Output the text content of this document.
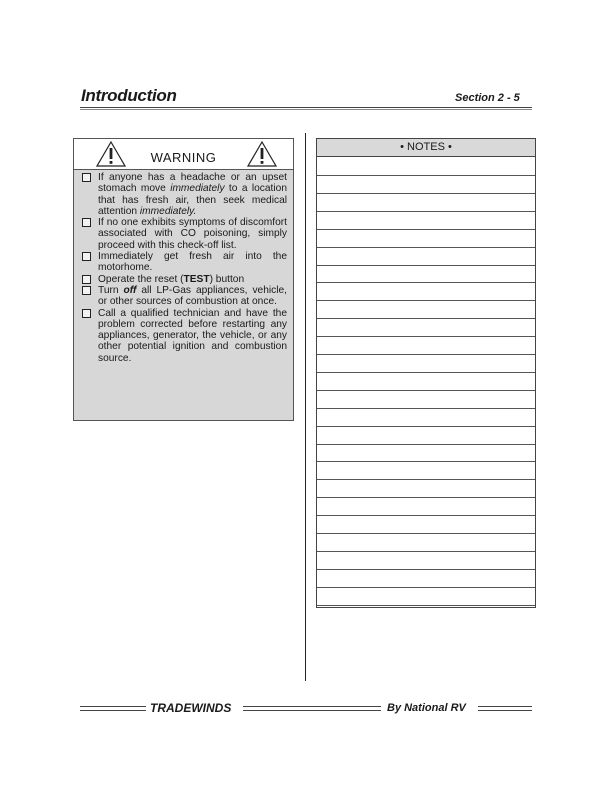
Introduction	Section 2 - 5
WARNING
If anyone has a headache or an upset stomach move immediately to a location that has fresh air, then seek medical attention immediately.
If no one exhibits symptoms of discomfort associated with CO poisoning, simply proceed with this check-off list.
Immediately get fresh air into the motorhome.
Operate the reset (TEST) button
Turn off all LP-Gas appliances, vehicle, or other sources of combustion at once.
Call a qualified technician and have the problem corrected before restarting any appliances, generator, the vehicle, or any other potential ignition and combustion source.
• NOTES •
TRADEWINDS	By National RV
